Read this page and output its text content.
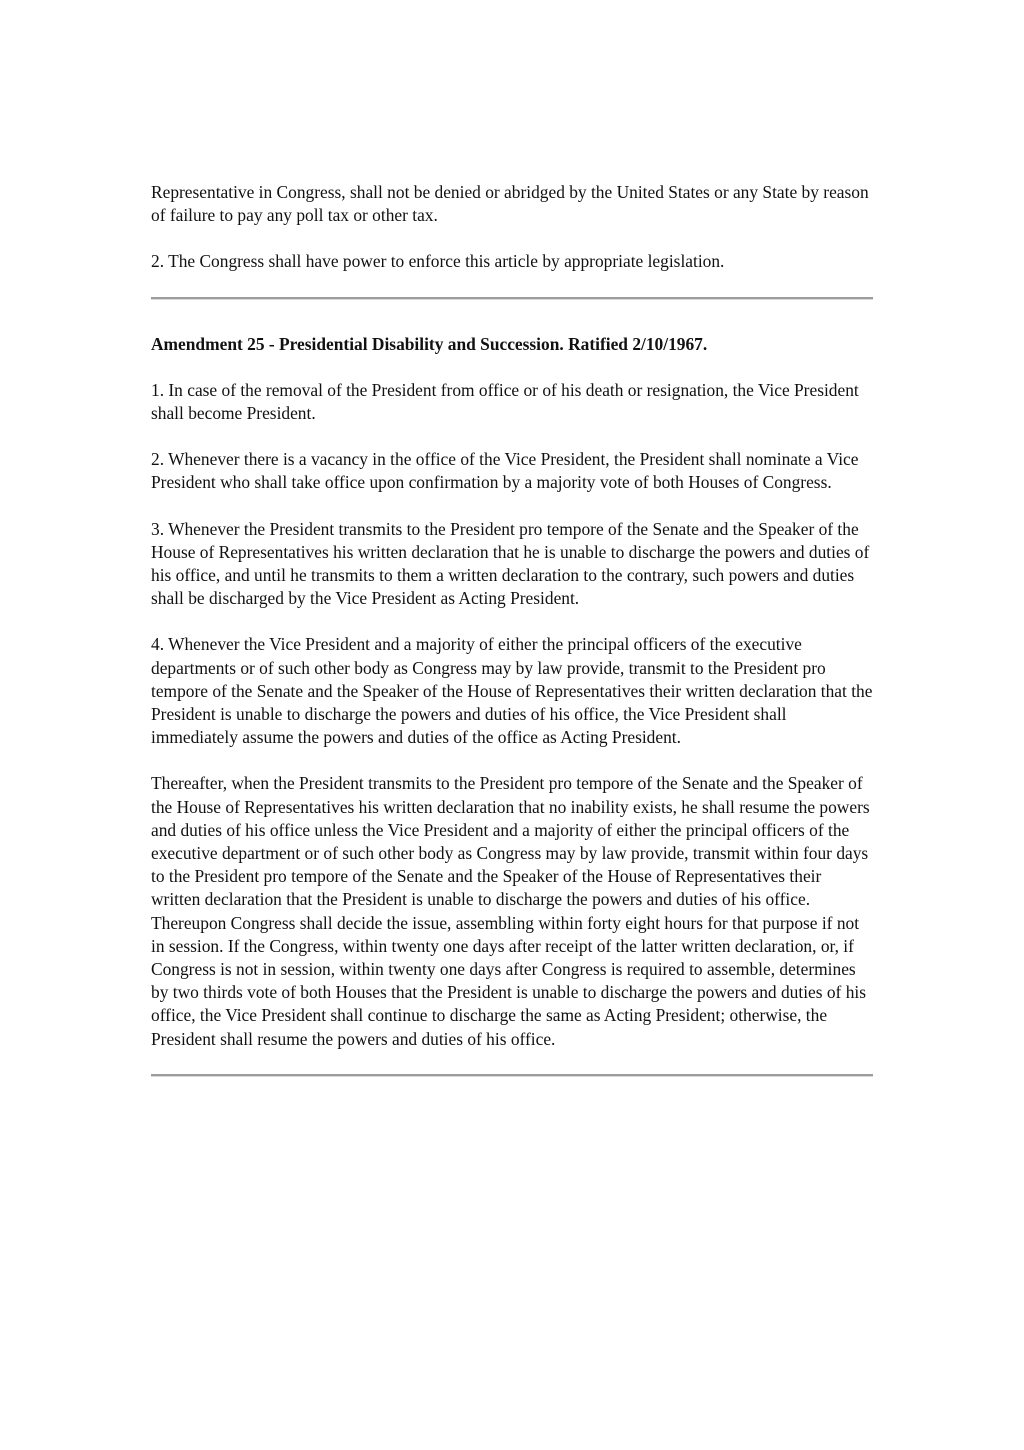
Representative in Congress, shall not be denied or abridged by the United States or any State by reason of failure to pay any poll tax or other tax.

2. The Congress shall have power to enforce this article by appropriate legislation.

Amendment 25 - Presidential Disability and Succession. Ratified 2/10/1967.

1. In case of the removal of the President from office or of his death or resignation, the Vice President shall become President.

2. Whenever there is a vacancy in the office of the Vice President, the President shall nominate a Vice President who shall take office upon confirmation by a majority vote of both Houses of Congress.

3. Whenever the President transmits to the President pro tempore of the Senate and the Speaker of the House of Representatives his written declaration that he is unable to discharge the powers and duties of his office, and until he transmits to them a written declaration to the contrary, such powers and duties shall be discharged by the Vice President as Acting President.

4. Whenever the Vice President and a majority of either the principal officers of the executive departments or of such other body as Congress may by law provide, transmit to the President pro tempore of the Senate and the Speaker of the House of Representatives their written declaration that the President is unable to discharge the powers and duties of his office, the Vice President shall immediately assume the powers and duties of the office as Acting President.

Thereafter, when the President transmits to the President pro tempore of the Senate and the Speaker of the House of Representatives his written declaration that no inability exists, he shall resume the powers and duties of his office unless the Vice President and a majority of either the principal officers of the executive department or of such other body as Congress may by law provide, transmit within four days to the President pro tempore of the Senate and the Speaker of the House of Representatives their written declaration that the President is unable to discharge the powers and duties of his office. Thereupon Congress shall decide the issue, assembling within forty eight hours for that purpose if not in session. If the Congress, within twenty one days after receipt of the latter written declaration, or, if Congress is not in session, within twenty one days after Congress is required to assemble, determines by two thirds vote of both Houses that the President is unable to discharge the powers and duties of his office, the Vice President shall continue to discharge the same as Acting President; otherwise, the President shall resume the powers and duties of his office.
